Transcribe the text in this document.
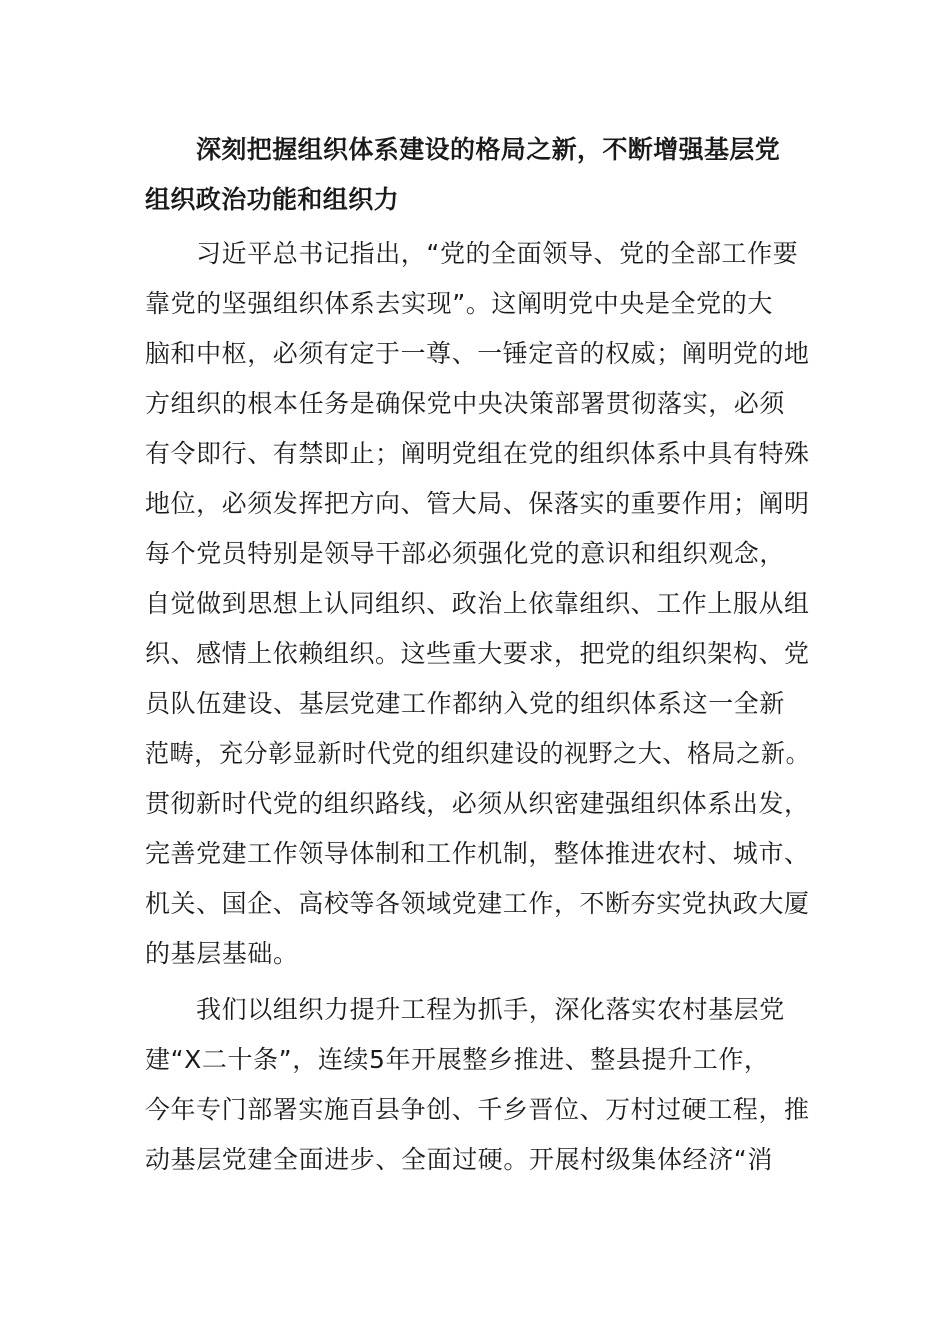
深刻把握组织体系建设的格局之新，不断增强基层党
组织政治功能和组织力
习近平总书记指出，“党的全面领导、党的全部工作要
靠党的坚强组织体系去实现”。这阐明党中央是全党的大
脑和中枢，必须有定于一尊、一锤定音的权威；阐明党的地
方组织的根本任务是确保党中央决策部署贯彻落实，必须
有令即行、有禁即止；阐明党组在党的组织体系中具有特殊
地位，必须发挥把方向、管大局、保落实的重要作用；阐明
每个党员特别是领导干部必须强化党的意识和组织观念，
自觉做到思想上认同组织、政治上依靠组织、工作上服从组
织、感情上依赖组织。这些重大要求，把党的组织架构、党
员队伍建设、基层党建工作都纳入党的组织体系这一全新
范畴，充分彰显新时代党的组织建设的视野之大、格局之新。
贯彻新时代党的组织路线，必须从织密建强组织体系出发，
完善党建工作领导体制和工作机制，整体推进农村、城市、
机关、国企、高校等各领域党建工作，不断夯实党执政大厦
的基层基础。
我们以组织力提升工程为抓手，深化落实农村基层党
建“X二十条”，连续5年开展整乡推进、整县提升工作，
今年专门部署实施百县争创、千乡晋位、万村过硬工程，推
动基层党建全面进步、全面过硬。开展村级集体经济“消
